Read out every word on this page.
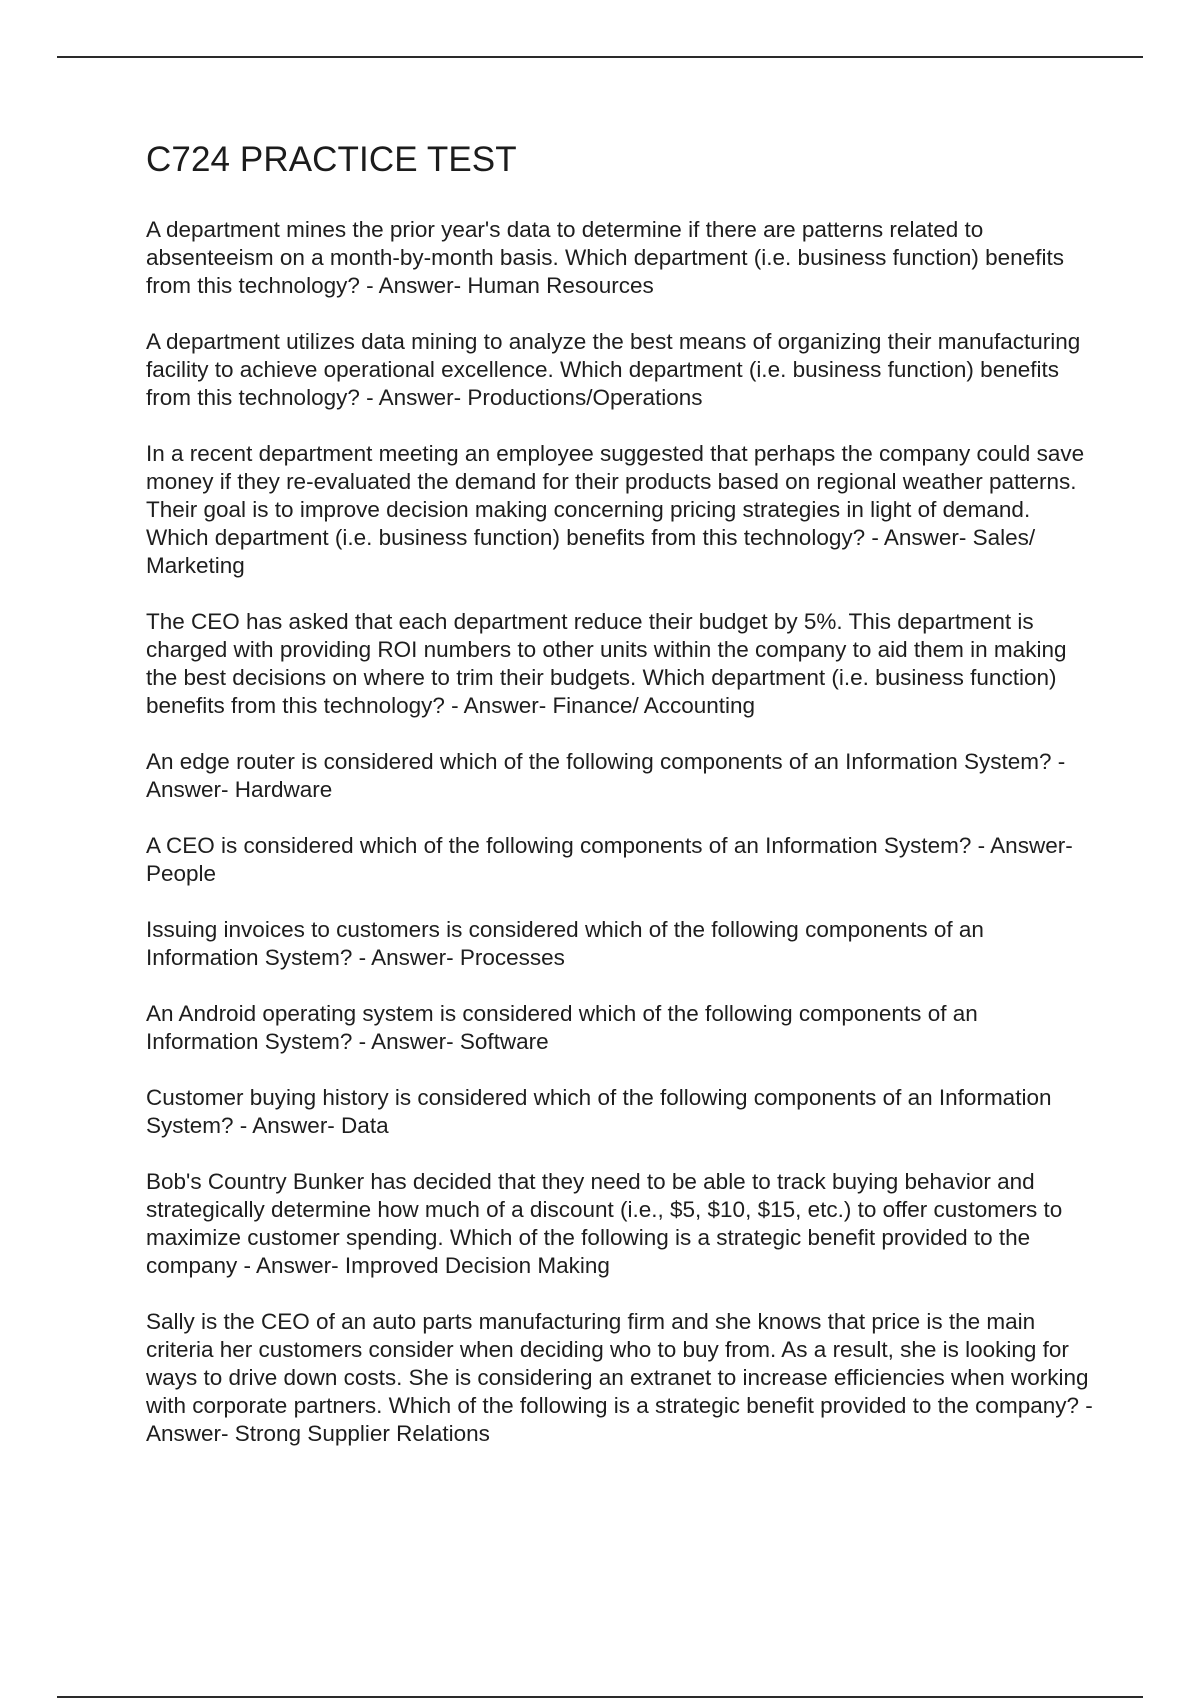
C724 PRACTICE TEST

A department mines the prior year's data to determine if there are patterns related to absenteeism on a month-by-month basis. Which department (i.e. business function) benefits from this technology? - Answer- Human Resources

A department utilizes data mining to analyze the best means of organizing their manufacturing facility to achieve operational excellence. Which department (i.e. business function) benefits from this technology? - Answer- Productions/Operations

In a recent department meeting an employee suggested that perhaps the company could save money if they re-evaluated the demand for their products based on regional weather patterns. Their goal is to improve decision making concerning pricing strategies in light of demand. Which department (i.e. business function) benefits from this technology? - Answer- Sales/ Marketing

The CEO has asked that each department reduce their budget by 5%. This department is charged with providing ROI numbers to other units within the company to aid them in making the best decisions on where to trim their budgets. Which department (i.e. business function) benefits from this technology? - Answer- Finance/ Accounting

An edge router is considered which of the following components of an Information System? - Answer- Hardware

A CEO is considered which of the following components of an Information System? - Answer- People

Issuing invoices to customers is considered which of the following components of an Information System? - Answer- Processes

An Android operating system is considered which of the following components of an Information System? - Answer- Software

Customer buying history is considered which of the following components of an Information System? - Answer- Data

Bob's Country Bunker has decided that they need to be able to track buying behavior and strategically determine how much of a discount (i.e., $5, $10, $15, etc.) to offer customers to maximize customer spending. Which of the following is a strategic benefit provided to the company - Answer- Improved Decision Making

Sally is the CEO of an auto parts manufacturing firm and she knows that price is the main criteria her customers consider when deciding who to buy from. As a result, she is looking for ways to drive down costs. She is considering an extranet to increase efficiencies when working with corporate partners. Which of the following is a strategic benefit provided to the company? - Answer- Strong Supplier Relations
